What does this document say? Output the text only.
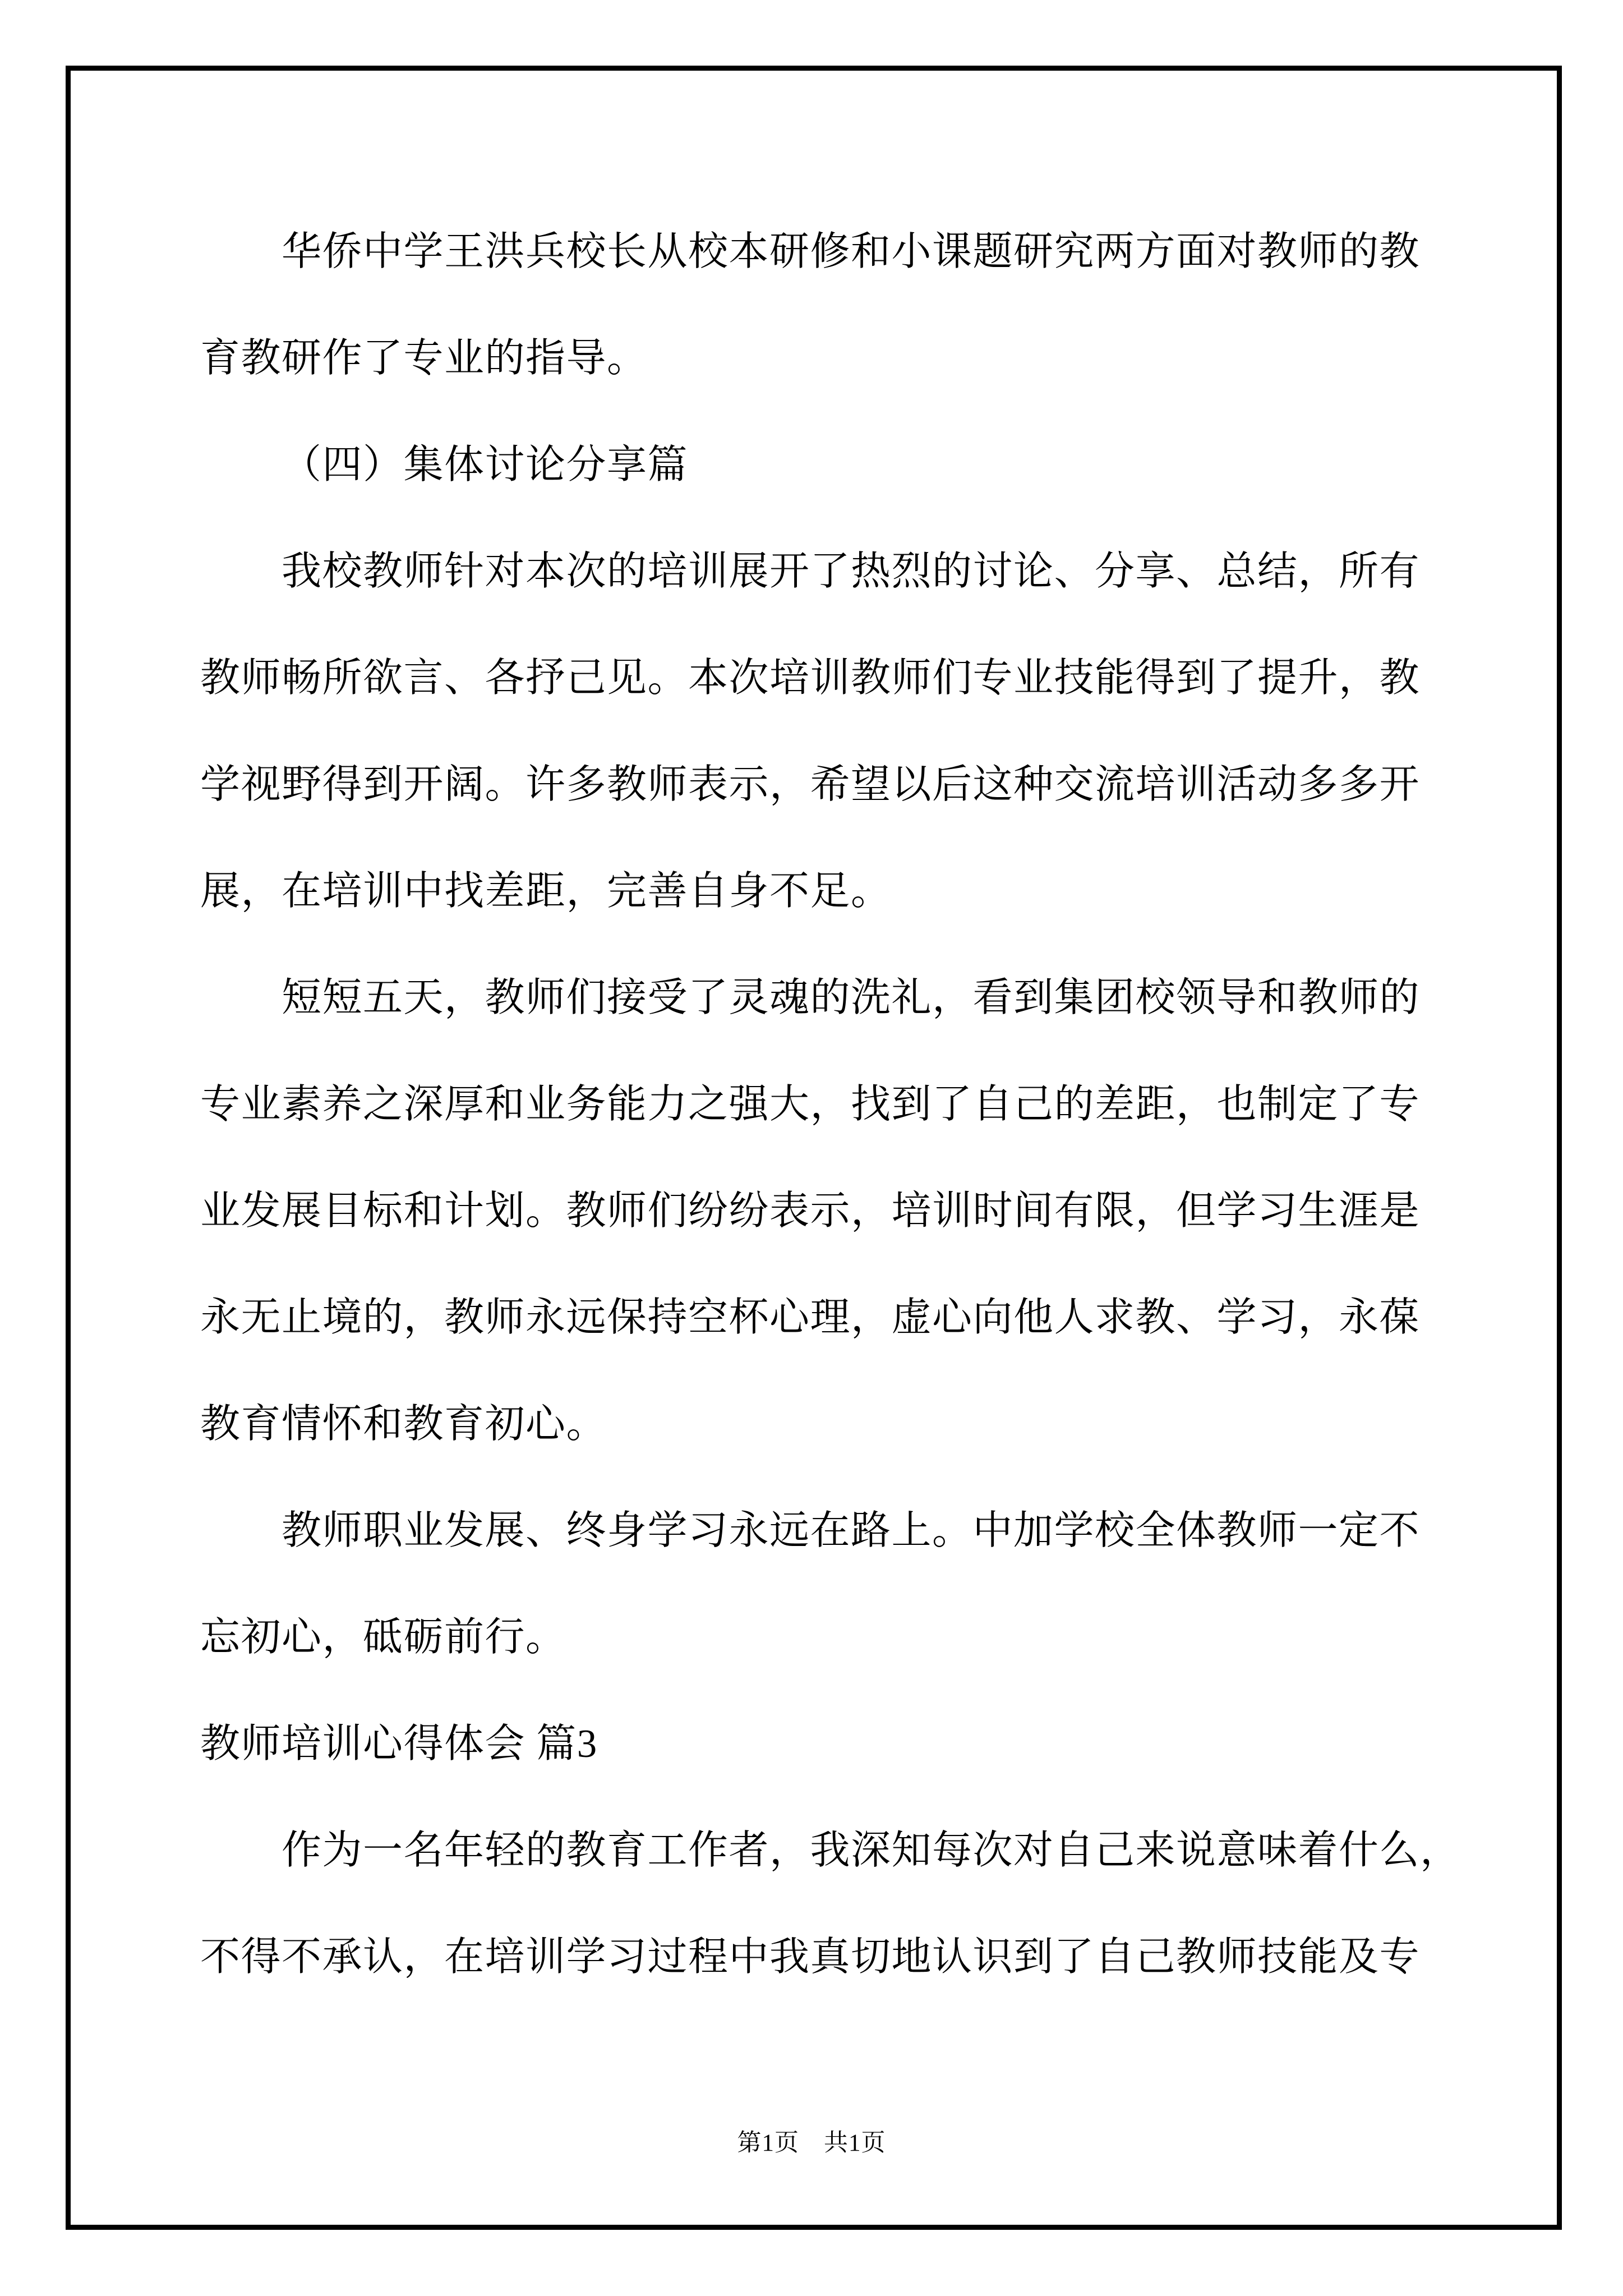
华侨中学王洪兵校长从校本研修和小课题研究两方面对教师的教
育教研作了专业的指导。
（四）集体讨论分享篇
我校教师针对本次的培训展开了热烈的讨论、分享、总结，所有
教师畅所欲言、各抒己见。本次培训教师们专业技能得到了提升，教
学视野得到开阔。许多教师表示，希望以后这种交流培训活动多多开
展，在培训中找差距，完善自身不足。
短短五天，教师们接受了灵魂的洗礼，看到集团校领导和教师的
专业素养之深厚和业务能力之强大，找到了自己的差距，也制定了专
业发展目标和计划。教师们纷纷表示，培训时间有限，但学习生涯是
永无止境的，教师永远保持空杯心理，虚心向他人求教、学习，永葆
教育情怀和教育初心。
教师职业发展、终身学习永远在路上。中加学校全体教师一定不
忘初心，砥砺前行。
教师培训心得体会 篇3
作为一名年轻的教育工作者，我深知每次对自己来说意味着什么，
不得不承认，在培训学习过程中我真切地认识到了自己教师技能及专
第1页　共1页
